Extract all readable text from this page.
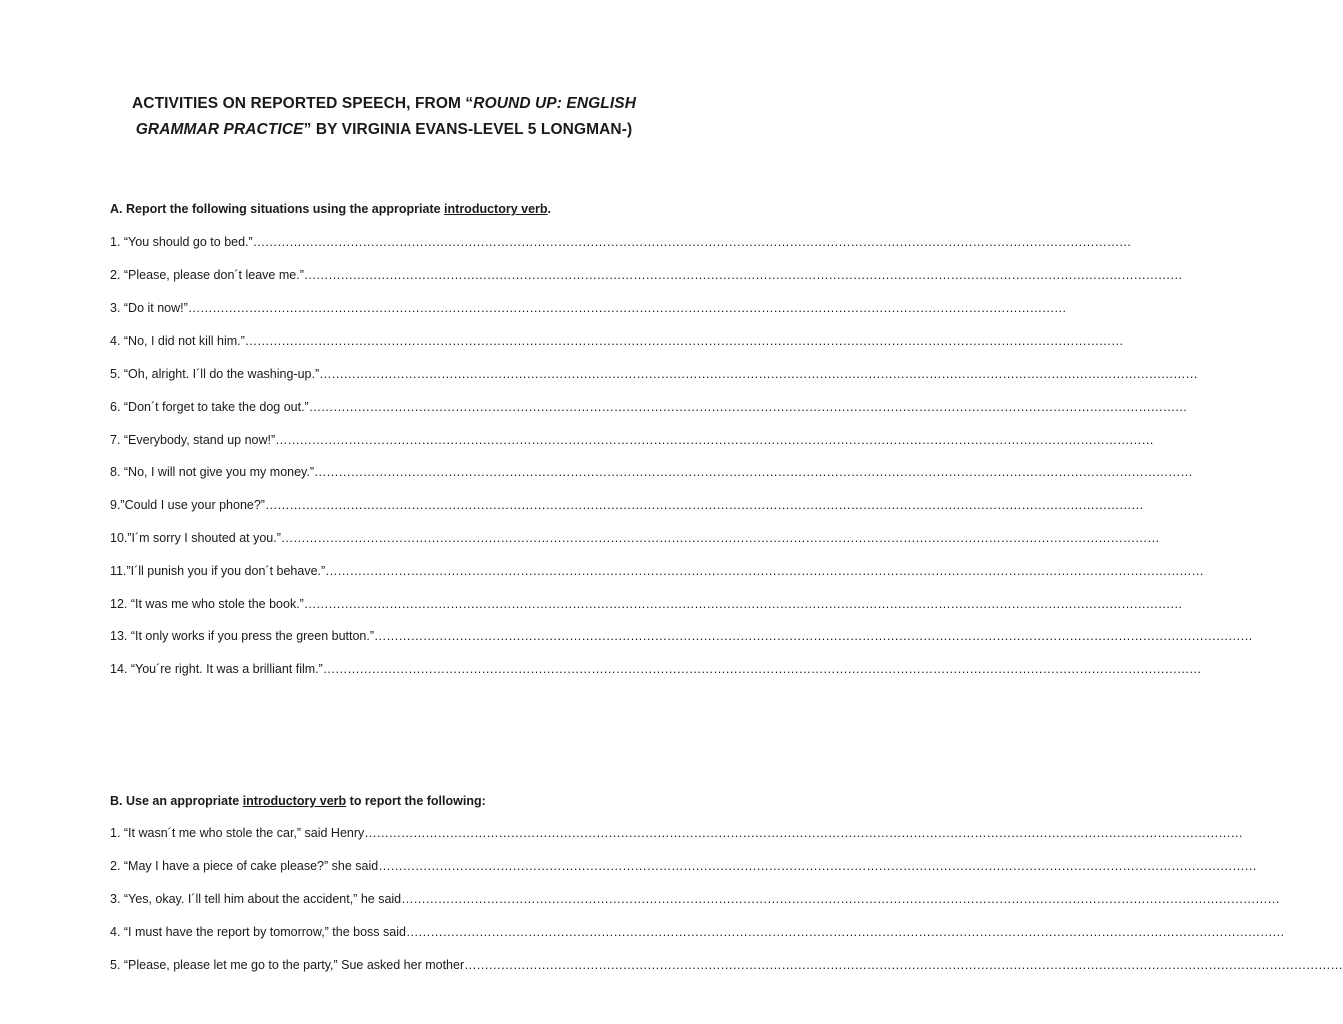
ACTIVITIES ON REPORTED SPEECH, FROM “ROUND UP: ENGLISH
GRAMMAR PRACTICE” BY VIRGINIA EVANS-LEVEL 5 LONGMAN-)
A. Report the following situations using the appropriate introductory verb.
1. “You should go to bed.” ………………………………………………………………………………………………………………………………………………………………………………………………
2. “Please, please don´t leave me.” ………………………………………………………………………………………………………………………………………………………………………………………………
3. “Do it now!” ………………………………………………………………………………………………………………………………………………………………………………………………
4. “No, I did not kill him.” ………………………………………………………………………………………………………………………………………………………………………………………………
5. “Oh, alright. I´ll do the washing-up.” ………………………………………………………………………………………………………………………………………………………………………………………………
6. “Don´t forget to take the dog out.” ………………………………………………………………………………………………………………………………………………………………………………………………
7. “Everybody, stand up now!” ………………………………………………………………………………………………………………………………………………………………………………………………
8. “No, I will not give you my money.” ………………………………………………………………………………………………………………………………………………………………………………………………
9.”Could I use your phone?” ………………………………………………………………………………………………………………………………………………………………………………………………
10.”I´m sorry I shouted at you.” ………………………………………………………………………………………………………………………………………………………………………………………………
11.”I´ll punish you if you don´t behave.” ………………………………………………………………………………………………………………………………………………………………………………………………
12. “It was me who stole the book.” ………………………………………………………………………………………………………………………………………………………………………………………………
13. “It only works if you press the green button.” ………………………………………………………………………………………………………………………………………………………………………………………………
14. “You´re right. It was a brilliant film.” ………………………………………………………………………………………………………………………………………………………………………………………………
B. Use an appropriate introductory verb to report the following:
1. “It wasn´t me who stole the car,” said Henry ………………………………………………………………………………………………………………………………………………………………………………………………
2. “May I have a piece of cake please?” she said ………………………………………………………………………………………………………………………………………………………………………………………………
3. “Yes, okay. I´ll tell him about the accident,” he said ………………………………………………………………………………………………………………………………………………………………………………………………
4. “I must have the report by tomorrow,” the boss said ………………………………………………………………………………………………………………………………………………………………………………………………
5. “Please, please let me go to the party,” Sue asked her mother ………………………………………………………………………………………………………………………………………………………………………………………………
